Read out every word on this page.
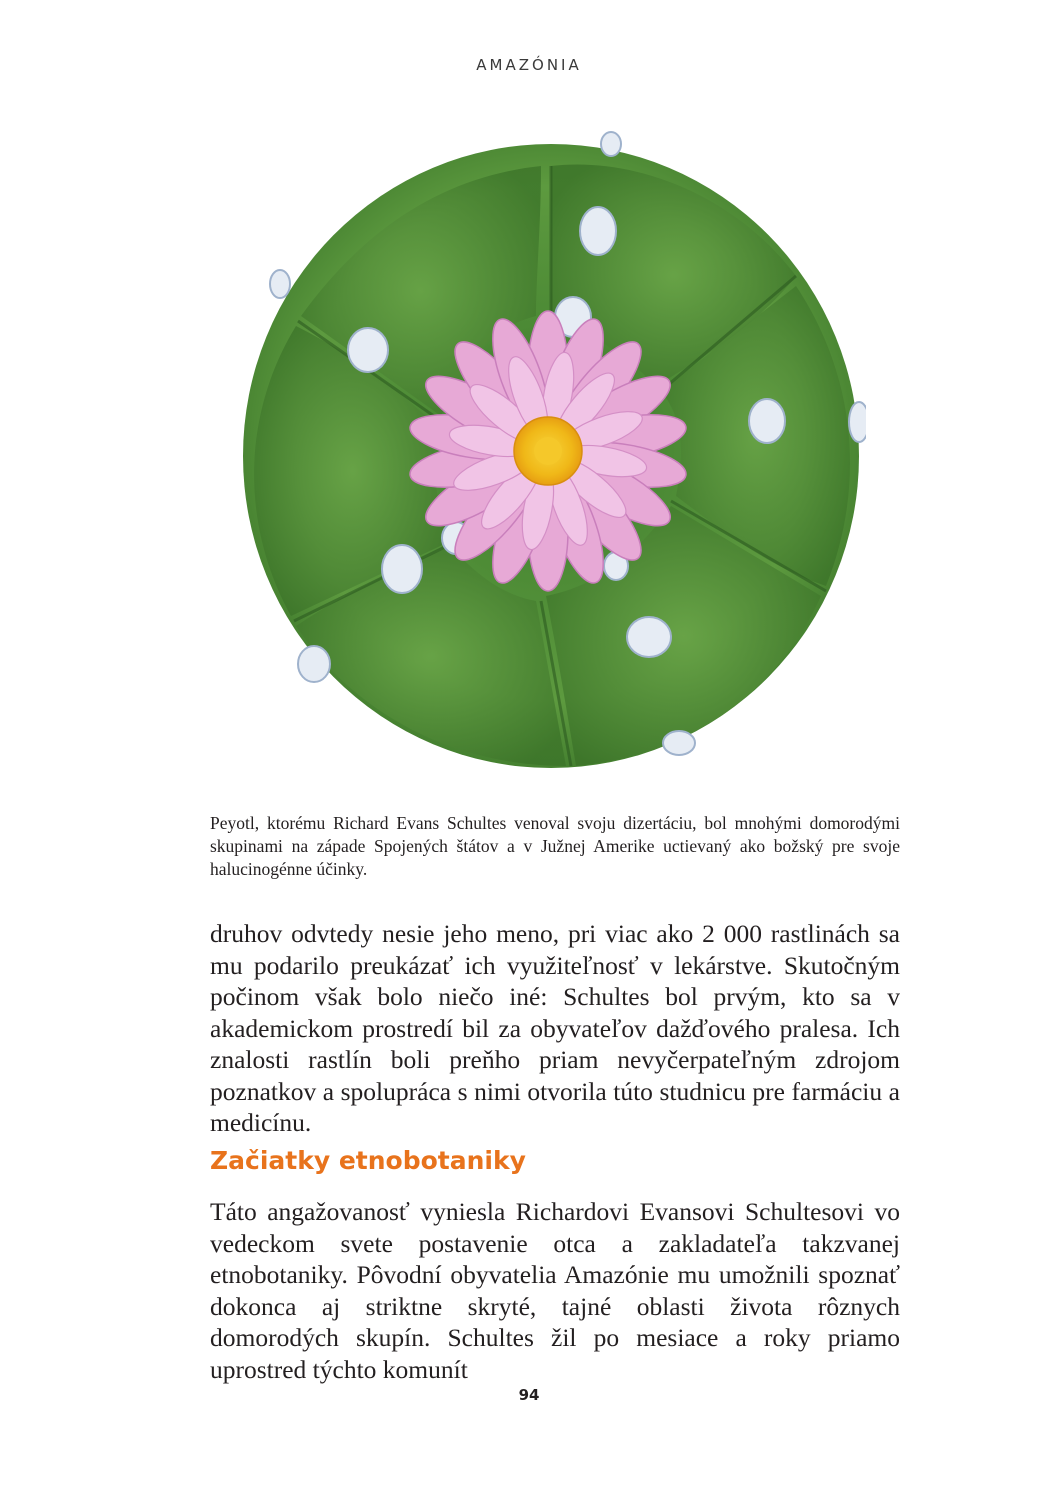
AMAZÓNIA
Peyotl, ktorému Richard Evans Schultes venoval svoju dizertáciu, bol mnohými domorodými skupinami na západe Spojených štátov a v Južnej Amerike uctievaný ako božský pre svoje halucinogénne účinky.

druhov odvtedy nesie jeho meno, pri viac ako 2 000 rastlinách sa mu podarilo preukázať ich využiteľnosť v lekárstve. Skutočným počinom však bolo niečo iné: Schultes bol prvým, kto sa v akademickom prostredí bil za obyvateľov dažďového pralesa. Ich znalosti rastlín boli preňho priam nevyčerpateľným zdrojom poznatkov a spolupráca s nimi otvorila túto studnicu pre farmáciu a medicínu.

Začiatky etnobotaniky

Táto angažovanosť vyniesla Richardovi Evansovi Schultesovi vo vedeckom svete postavenie otca a zakladateľa takzvanej etnobotaniky. Pôvodní obyvatelia Amazónie mu umožnili spoznať dokonca aj striktne skryté, tajné oblasti života rôznych domorodých skupín. Schultes žil po mesiace a roky priamo uprostred týchto komunít

94
